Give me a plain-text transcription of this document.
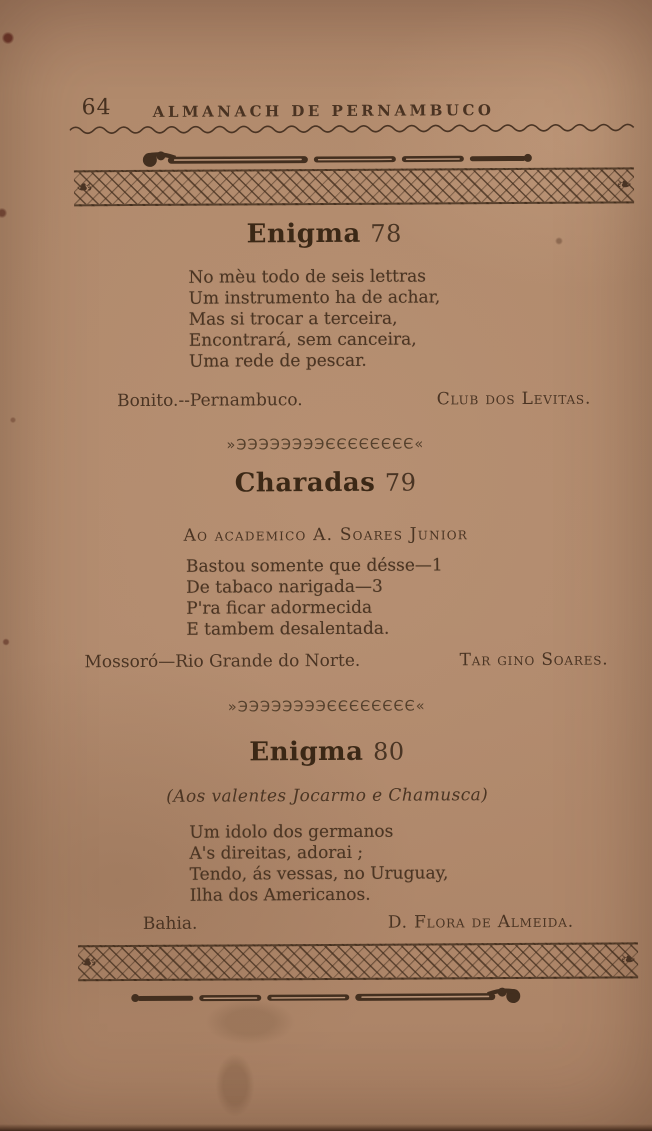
64	ALMANACH DE PERNAMBUCO
☙	❧
Enigma 78
No mèu todo de seis lettras
Um instrumento ha de achar,
Mas si trocar a terceira,
Encontrará, sem canceira,
Uma rede de pescar.
Bonito.--Pernambuco.	Club dos Levitas.
»ЭЭЭЭЭЭЭЭЄЄЄЄЄЄЄЄ«
Charadas 79
Ao academico A. Soares Junior
Bastou somente que désse—1
De tabaco narigada—3
P'ra ficar adormecida
E tambem desalentada.
Mossoró—Rio Grande do Norte.	Tar gino Soares.
»ЭЭЭЭЭЭЭЭЄЄЄЄЄЄЄЄ«
Enigma 80
(Aos valentes Jocarmo e Chamusca)
Um idolo dos germanos
A's direitas, adorai ;
Tendo, ás vessas, no Uruguay,
Ilha dos Americanos.
Bahia.	D. Flora de Almeida.
☙	❧
